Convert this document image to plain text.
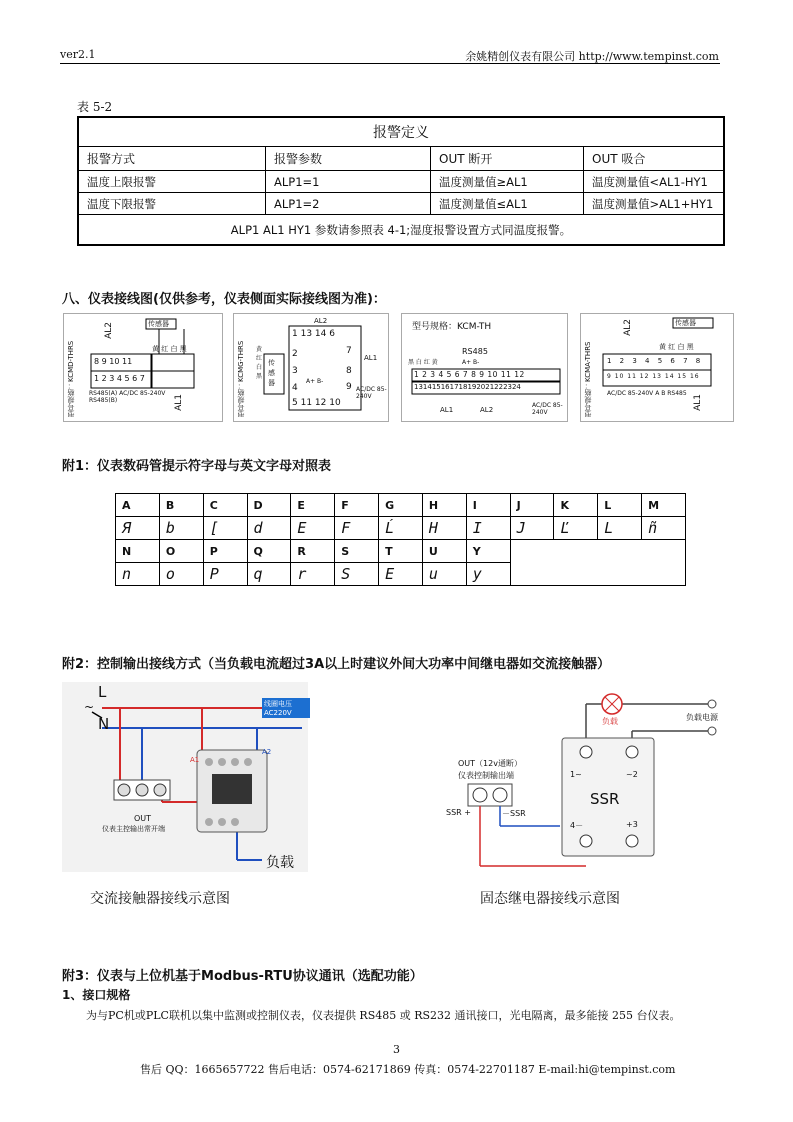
ver2.1	余姚精创仪表有限公司 http://www.tempinst.com
表 5-2
报警定义			
报警方式	报警参数	OUT 断开	OUT 吸合
温度上限报警	ALP1=1	温度测量值≥AL1	温度测量值<AL1-HY1
温度下限报警	ALP1=2	温度测量值≤AL1	温度测量值>AL1+HY1
ALP1 AL1 HY1 参数请参照表 4-1;湿度报警设置方式同温度报警。			
八、仪表接线图(仅供参考，仪表侧面实际接线图为准)：
型号规格：KCMD-THRS
传感器
AL2
黄 红 白 黑
8 9 10 11
1 2 3 4 5 6 7
RS485(A) AC/DC 85-240V RS485(B)	AL1	型号规格：KCMG-THRS
AL2
1 13 14 6
2 3 4
7
8
9
5 11 12 10
传感器
黄 红 白 黑
AL1
A+ B-
AC/DC 85-240V
型号规格：KCM-TH
RS485
黑 白 红 黄	A+ B-
1 2 3 4 5 6 7 8 9 10 11 12
131415161718192021222324
AL1	AL2
AC/DC 85-240V	型号规格：KCMA-THRS
传感器
AL2
黄 红 白 黑
1 2 3 4 5 6 7 8
9 10 11 12 13 14 15 16
AC/DC 85-240V A B RS485
AL1
附1：仪表数码管提示符字母与英文字母对照表
A	B	C	D	E	F	G	H	I	J	K	L	M
Я	b	[	d	E	F	Ĺ	H	I	J	Ľ	L	ñ
N	O	P	Q	R	S	T	U	Y				
n	o	P	q	r	S	E	u	y				
附2：控制输出接线方式（当负载电流超过3A以上时建议外间大功率中间继电器如交流接触器）
L
~
N
线圈电压 AC220V
A1
A2
OUT
仪表主控输出常开端
负载
交流接触器接线示意图
负载	负载电源
OUT（12v通断）
仪表控制输出端
SSR +	－SSR
SSR
1~	~2
4－	+3
固态继电器接线示意图
附3：仪表与上位机基于Modbus-RTU协议通讯（选配功能）
1、接口规格
为与PC机或PLC联机以集中监测或控制仪表，仪表提供 RS485 或 RS232 通讯接口，光电隔离，最多能接 255 台仪表。
3
售后 QQ：1665657722 售后电话：0574-62171869 传真：0574-22701187 E-mail:hi@tempinst.com
